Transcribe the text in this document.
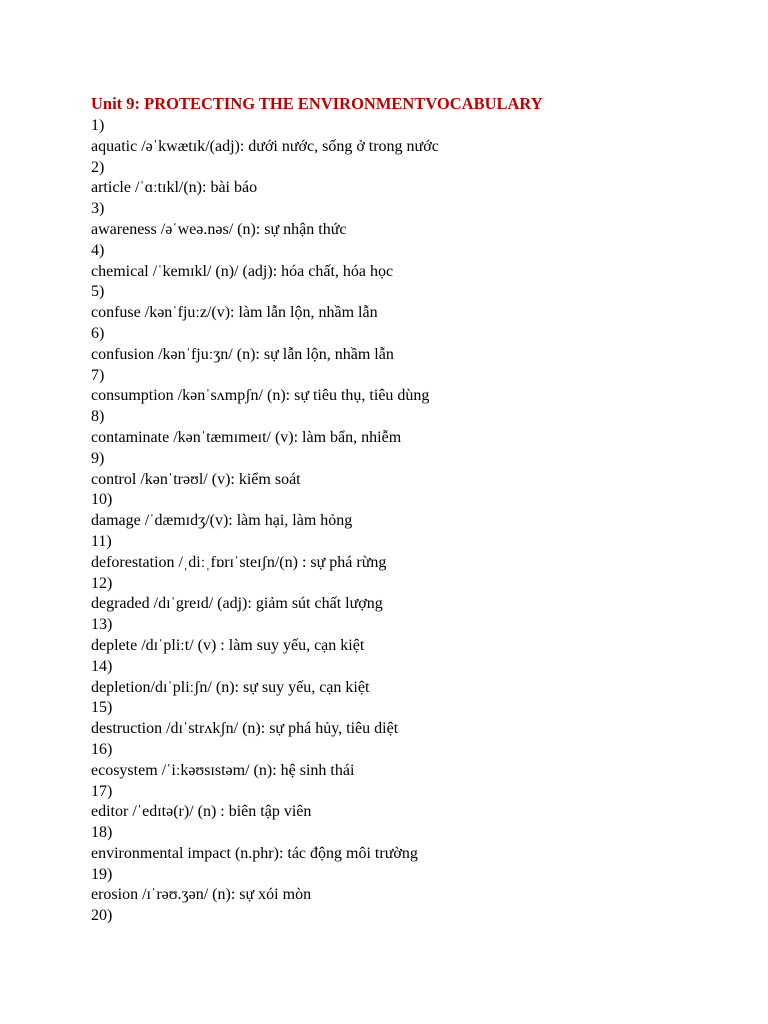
Unit 9: PROTECTING THE ENVIRONMENTVOCABULARY
1)
aquatic /əˈkwætɪk/(adj): dưới nước, sống ở trong nước
2)
article /ˈɑːtɪkl/(n): bài báo
3)
awareness /əˈweə.nəs/ (n): sự nhận thức
4)
chemical /ˈkemɪkl/ (n)/ (adj): hóa chất, hóa học
5)
confuse /kənˈfjuːz/(v): làm lẫn lộn, nhầm lẫn
6)
confusion /kənˈfjuːʒn/ (n): sự lẫn lộn, nhầm lẫn
7)
consumption /kənˈsʌmpʃn/ (n): sự tiêu thụ, tiêu dùng
8)
contaminate /kənˈtæmɪmeɪt/ (v): làm bẩn, nhiễm
9)
control /kənˈtrəʊl/ (v): kiểm soát
10)
damage /ˈdæmɪdʒ/(v): làm hại, làm hỏng
11)
deforestation /ˌdiːˌfɒrɪˈsteɪʃn/(n) : sự phá rừng
12)
degraded /dɪˈgreɪd/ (adj): giảm sút chất lượng
13)
deplete /dɪˈpliːt/ (v) : làm suy yếu, cạn kiệt
14)
depletion/dɪˈpliːʃn/ (n): sự suy yếu, cạn kiệt
15)
destruction /dɪˈstrʌkʃn/ (n): sự phá hủy, tiêu diệt
16)
ecosystem /ˈiːkəʊsɪstəm/ (n): hệ sinh thái
17)
editor /ˈedɪtə(r)/ (n) : biên tập viên
18)
environmental impact (n.phr): tác động môi trường
19)
erosion /ɪˈrəʊ.ʒən/ (n): sự xói mòn
20)
